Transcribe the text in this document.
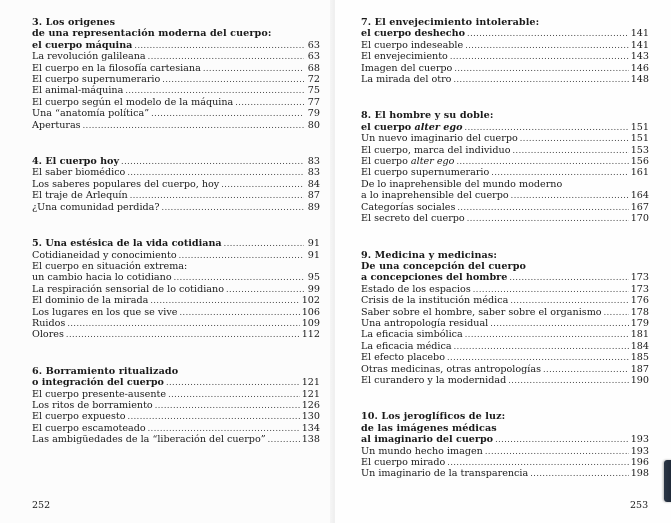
3. Los origenes
de una representación moderna del cuerpo:
el cuerpo máquina .....	63
La revolución galileana .....	63
El cuerpo en la filosofía cartesiana .....	68
El cuerpo supernumerario .....	72
El animal-máquina .....	75
El cuerpo según el modelo de la máquina .....	77
Una “anatomía política” .....	79
Aperturas .....	80
4. El cuerpo hoy .....	83
El saber biomédico .....	83
Los saberes populares del cuerpo, hoy .....	84
El traje de Arlequín .....	87
¿Una comunidad perdida? .....	89
5. Una estésica de la vida cotidiana .....	91
Cotidianeidad y conocimiento .....	91
El cuerpo en situación extrema:
un cambio hacia lo cotidiano .....	95
La respiración sensorial de lo cotidiano .....	99
El dominio de la mirada .....	102
Los lugares en los que se vive .....	106
Ruidos .....	109
Olores .....	112
6. Borramiento ritualizado
o integración del cuerpo .....	121
El cuerpo presente-ausente .....	121
Los ritos de borramiento .....	126
El cuerpo expuesto .....	130
El cuerpo escamoteado .....	134
Las ambigüedades de la “liberación del cuerpo” .....	138
252
7. El envejecimiento intolerable:
el cuerpo deshecho .....	141
El cuerpo indeseable .....	141
El envejecimiento .....	143
Imagen del cuerpo .....	146
La mirada del otro .....	148
8. El hombre y su doble:
el cuerpo alter ego .....	151
Un nuevo imaginario del cuerpo .....	151
El cuerpo, marca del individuo .....	153
El cuerpo alter ego .....	156
El cuerpo supernumerario .....	161
De lo inaprehensible del mundo moderno
a lo inaprehensible del cuerpo .....	164
Categorías sociales .....	167
El secreto del cuerpo .....	170
9. Medicina y medicinas:
De una concepción del cuerpo
a concepciones del hombre .....	173
Estado de los espacios .....	173
Crisis de la institución médica .....	176
Saber sobre el hombre, saber sobre el organismo .....	178
Una antropología residual .....	179
La eficacia simbólica .....	181
La eficacia médica .....	184
El efecto placebo .....	185
Otras medicinas, otras antropologías .....	187
El curandero y la modernidad .....	190
10. Los jeroglíficos de luz:
de las imágenes médicas
al imaginario del cuerpo .....	193
Un mundo hecho imagen .....	193
El cuerpo mirado .....	196
Un imaginario de la transparencia .....	198
253
